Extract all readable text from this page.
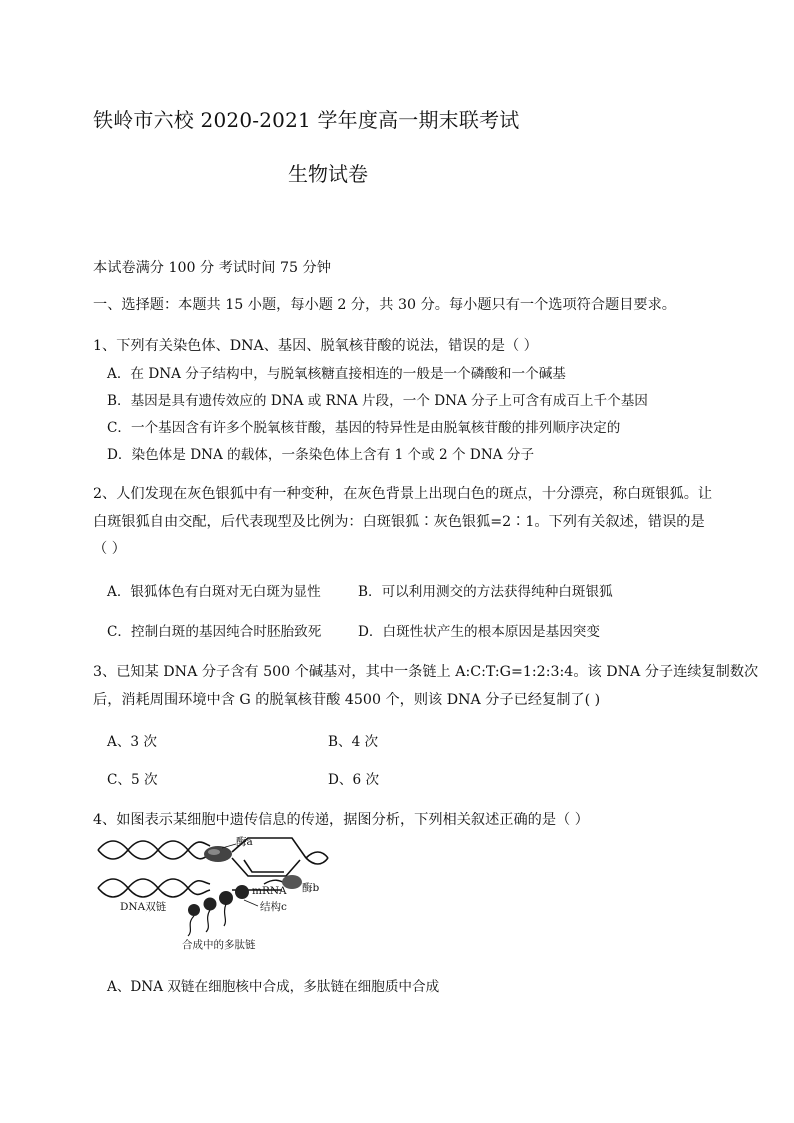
铁岭市六校 2020-2021 学年度高一期末联考试
生物试卷
本试卷满分 100 分 考试时间 75 分钟
一、选择题：本题共 15 小题，每小题 2 分，共 30 分。每小题只有一个选项符合题目要求。
1、下列有关染色体、DNA、基因、脱氧核苷酸的说法，错误的是（ ）
A．在 DNA 分子结构中，与脱氧核糖直接相连的一般是一个磷酸和一个碱基
B．基因是具有遗传效应的 DNA 或 RNA 片段，一个 DNA 分子上可含有成百上千个基因
C．一个基因含有许多个脱氧核苷酸，基因的特异性是由脱氧核苷酸的排列顺序决定的
D．染色体是 DNA 的载体，一条染色体上含有 1 个或 2 个 DNA 分子
2、人们发现在灰色银狐中有一种变种，在灰色背景上出现白色的斑点，十分漂亮，称白斑银狐。让
白斑银狐自由交配，后代表现型及比例为：白斑银狐∶灰色银狐=2∶1。下列有关叙述，错误的是
（ ）
A．银狐体色有白斑对无白斑为显性	B．可以利用测交的方法获得纯种白斑银狐
C．控制白斑的基因纯合时胚胎致死	D．白斑性状产生的根本原因是基因突变
3、已知某 DNA 分子含有 500 个碱基对，其中一条链上 A:C:T:G=1:2:3:4。该 DNA 分子连续复制数次
后，消耗周围环境中含 G 的脱氧核苷酸 4500 个，则该 DNA 分子已经复制了( )
A、3 次	B、4 次
C、5 次	D、6 次
4、如图表示某细胞中遗传信息的传递，据图分析，下列相关叙述正确的是（ ）
酶a
mRNA 酶b
DNA双链	结构c
合成中的多肽链
A、DNA 双链在细胞核中合成，多肽链在细胞质中合成
